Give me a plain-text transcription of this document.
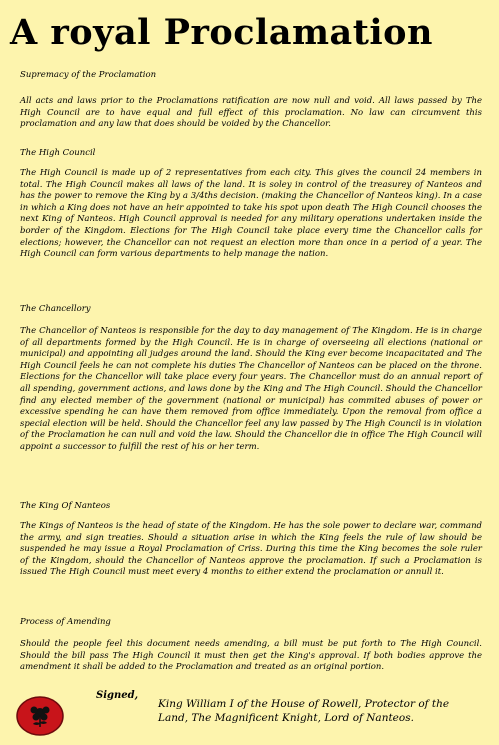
A royal Proclamation
Supremacy of the Proclamation
All acts and laws prior to the Proclamations ratification are now null and void. All laws passed by The High Council are to have equal and full effect of this proclamation. No law can circumvent this proclamation and any law that does should be voided by the Chancellor.
The High Council
The High Council is made up of 2 representatives from each city. This gives the council 24 members in total. The High Council makes all laws of the land. It is soley in control of the treasurey of Nanteos and has the power to remove the King by a 3/4ths decision. (making the Chancellor of Nanteos king). In a case in which a King does not have an heir appointed to take his spot upon death The High Council chooses the next King of Nanteos. High Council approval is needed for any military operations undertaken inside the border of the Kingdom. Elections for The High Council take place every time the Chancellor calls for elections; however, the Chancellor can not request an election more than once in a period of a year. The High Council can form various departments to help manage the nation.
The Chancellory
The Chancellor of Nanteos is responsible for the day to day management of The Kingdom. He is in charge of all departments formed by the High Council. He is in charge of overseeing all elections (national or municipal) and appointing all judges around the land. Should the King ever become incapacitated and The High Council feels he can not complete his duties The Chancellor of Nanteos can be placed on the throne. Elections for the Chancellor will take place every four years. The Chancellor must do an annual report of all spending, government actions, and laws done by the King and The High Council. Should the Chancellor find any elected member of the government (national or municipal) has commited abuses of power or excessive spending he can have them removed from office immediately. Upon the removal from office a special election will be held. Should the Chancellor feel any law passed by The High Council is in violation of the Proclamation he can null and void the law. Should the Chancellor die in office The High Council will appoint a successor to fulfill the rest of his or her term.
The King Of Nanteos
The Kings of Nanteos is the head of state of the Kingdom. He has the sole power to declare war, command the army, and sign treaties. Should a situation arise in which the King feels the rule of law should be suspended he may issue a Royal Proclamation of Criss. During this time the King becomes the sole ruler of the Kingdom, should the Chancellor of Nanteos approve the proclamation. If such a Proclamation is issued The High Council must meet every 4 months to either extend the proclamation or annull it.
Process of Amending
Should the people feel this document needs amending, a bill must be put forth to The High Council. Should the bill pass The High Council it must then get the King's approval. If both bodies approve the amendment it shall be added to the Proclamation and treated as an original portion.
Signed,
King William I of the House of Rowell, Protector of the
Land, The Magnificent Knight, Lord of Nanteos.
